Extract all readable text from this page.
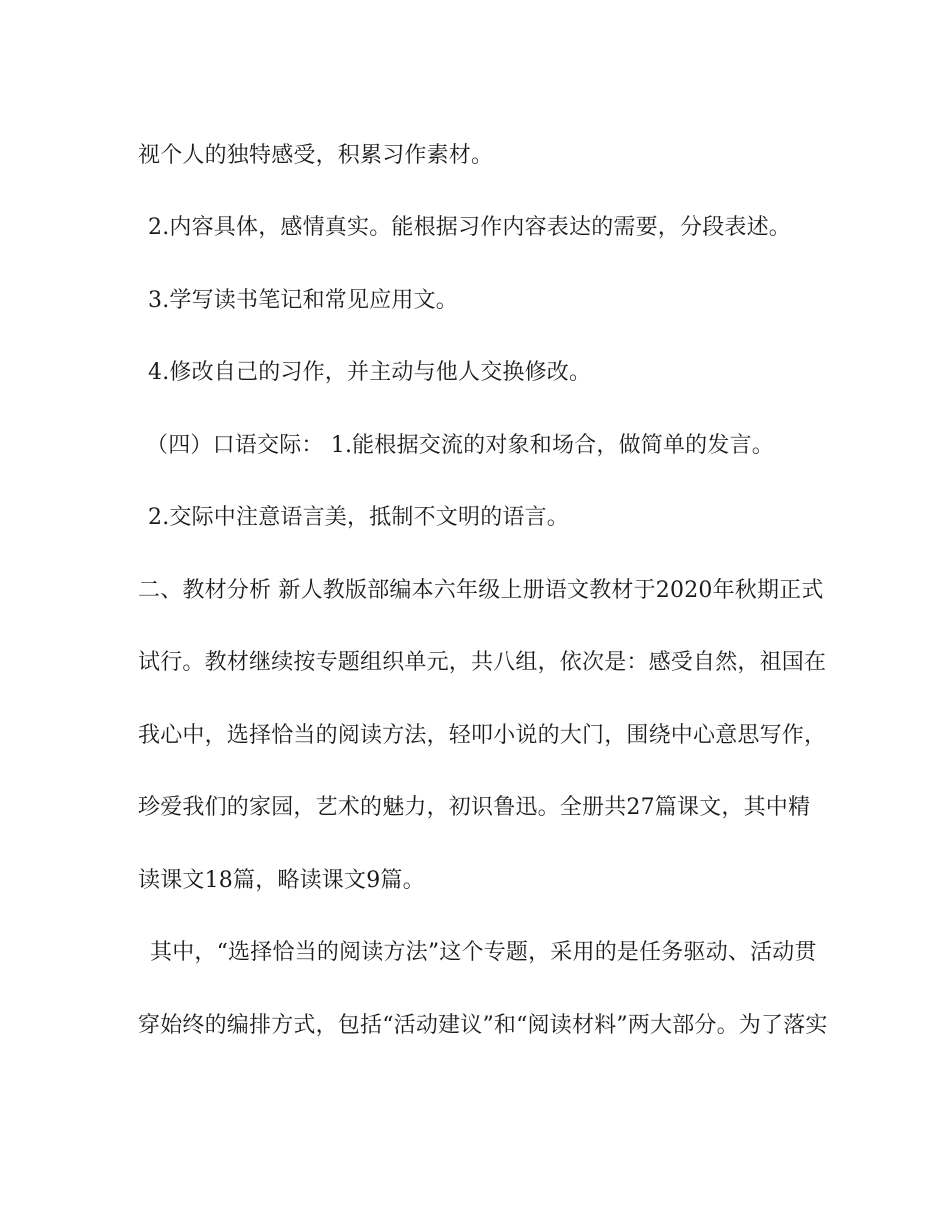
视个人的独特感受，积累习作素材。
2.内容具体，感情真实。能根据习作内容表达的需要，分段表述。
3.学写读书笔记和常见应用文。
4.修改自己的习作，并主动与他人交换修改。
（四）口语交际： 1.能根据交流的对象和场合，做简单的发言。
2.交际中注意语言美，抵制不文明的语言。
二、教材分析 新人教版部编本六年级上册语文教材于2020年秋期正式
试行。教材继续按专题组织单元，共八组，依次是：感受自然，祖国在
我心中，选择恰当的阅读方法，轻叩小说的大门，围绕中心意思写作，
珍爱我们的家园，艺术的魅力，初识鲁迅。全册共27篇课文，其中精
读课文18篇，略读课文9篇。
其中，“选择恰当的阅读方法”这个专题，采用的是任务驱动、活动贯
穿始终的编排方式，包括“活动建议”和“阅读材料”两大部分。为了落实
